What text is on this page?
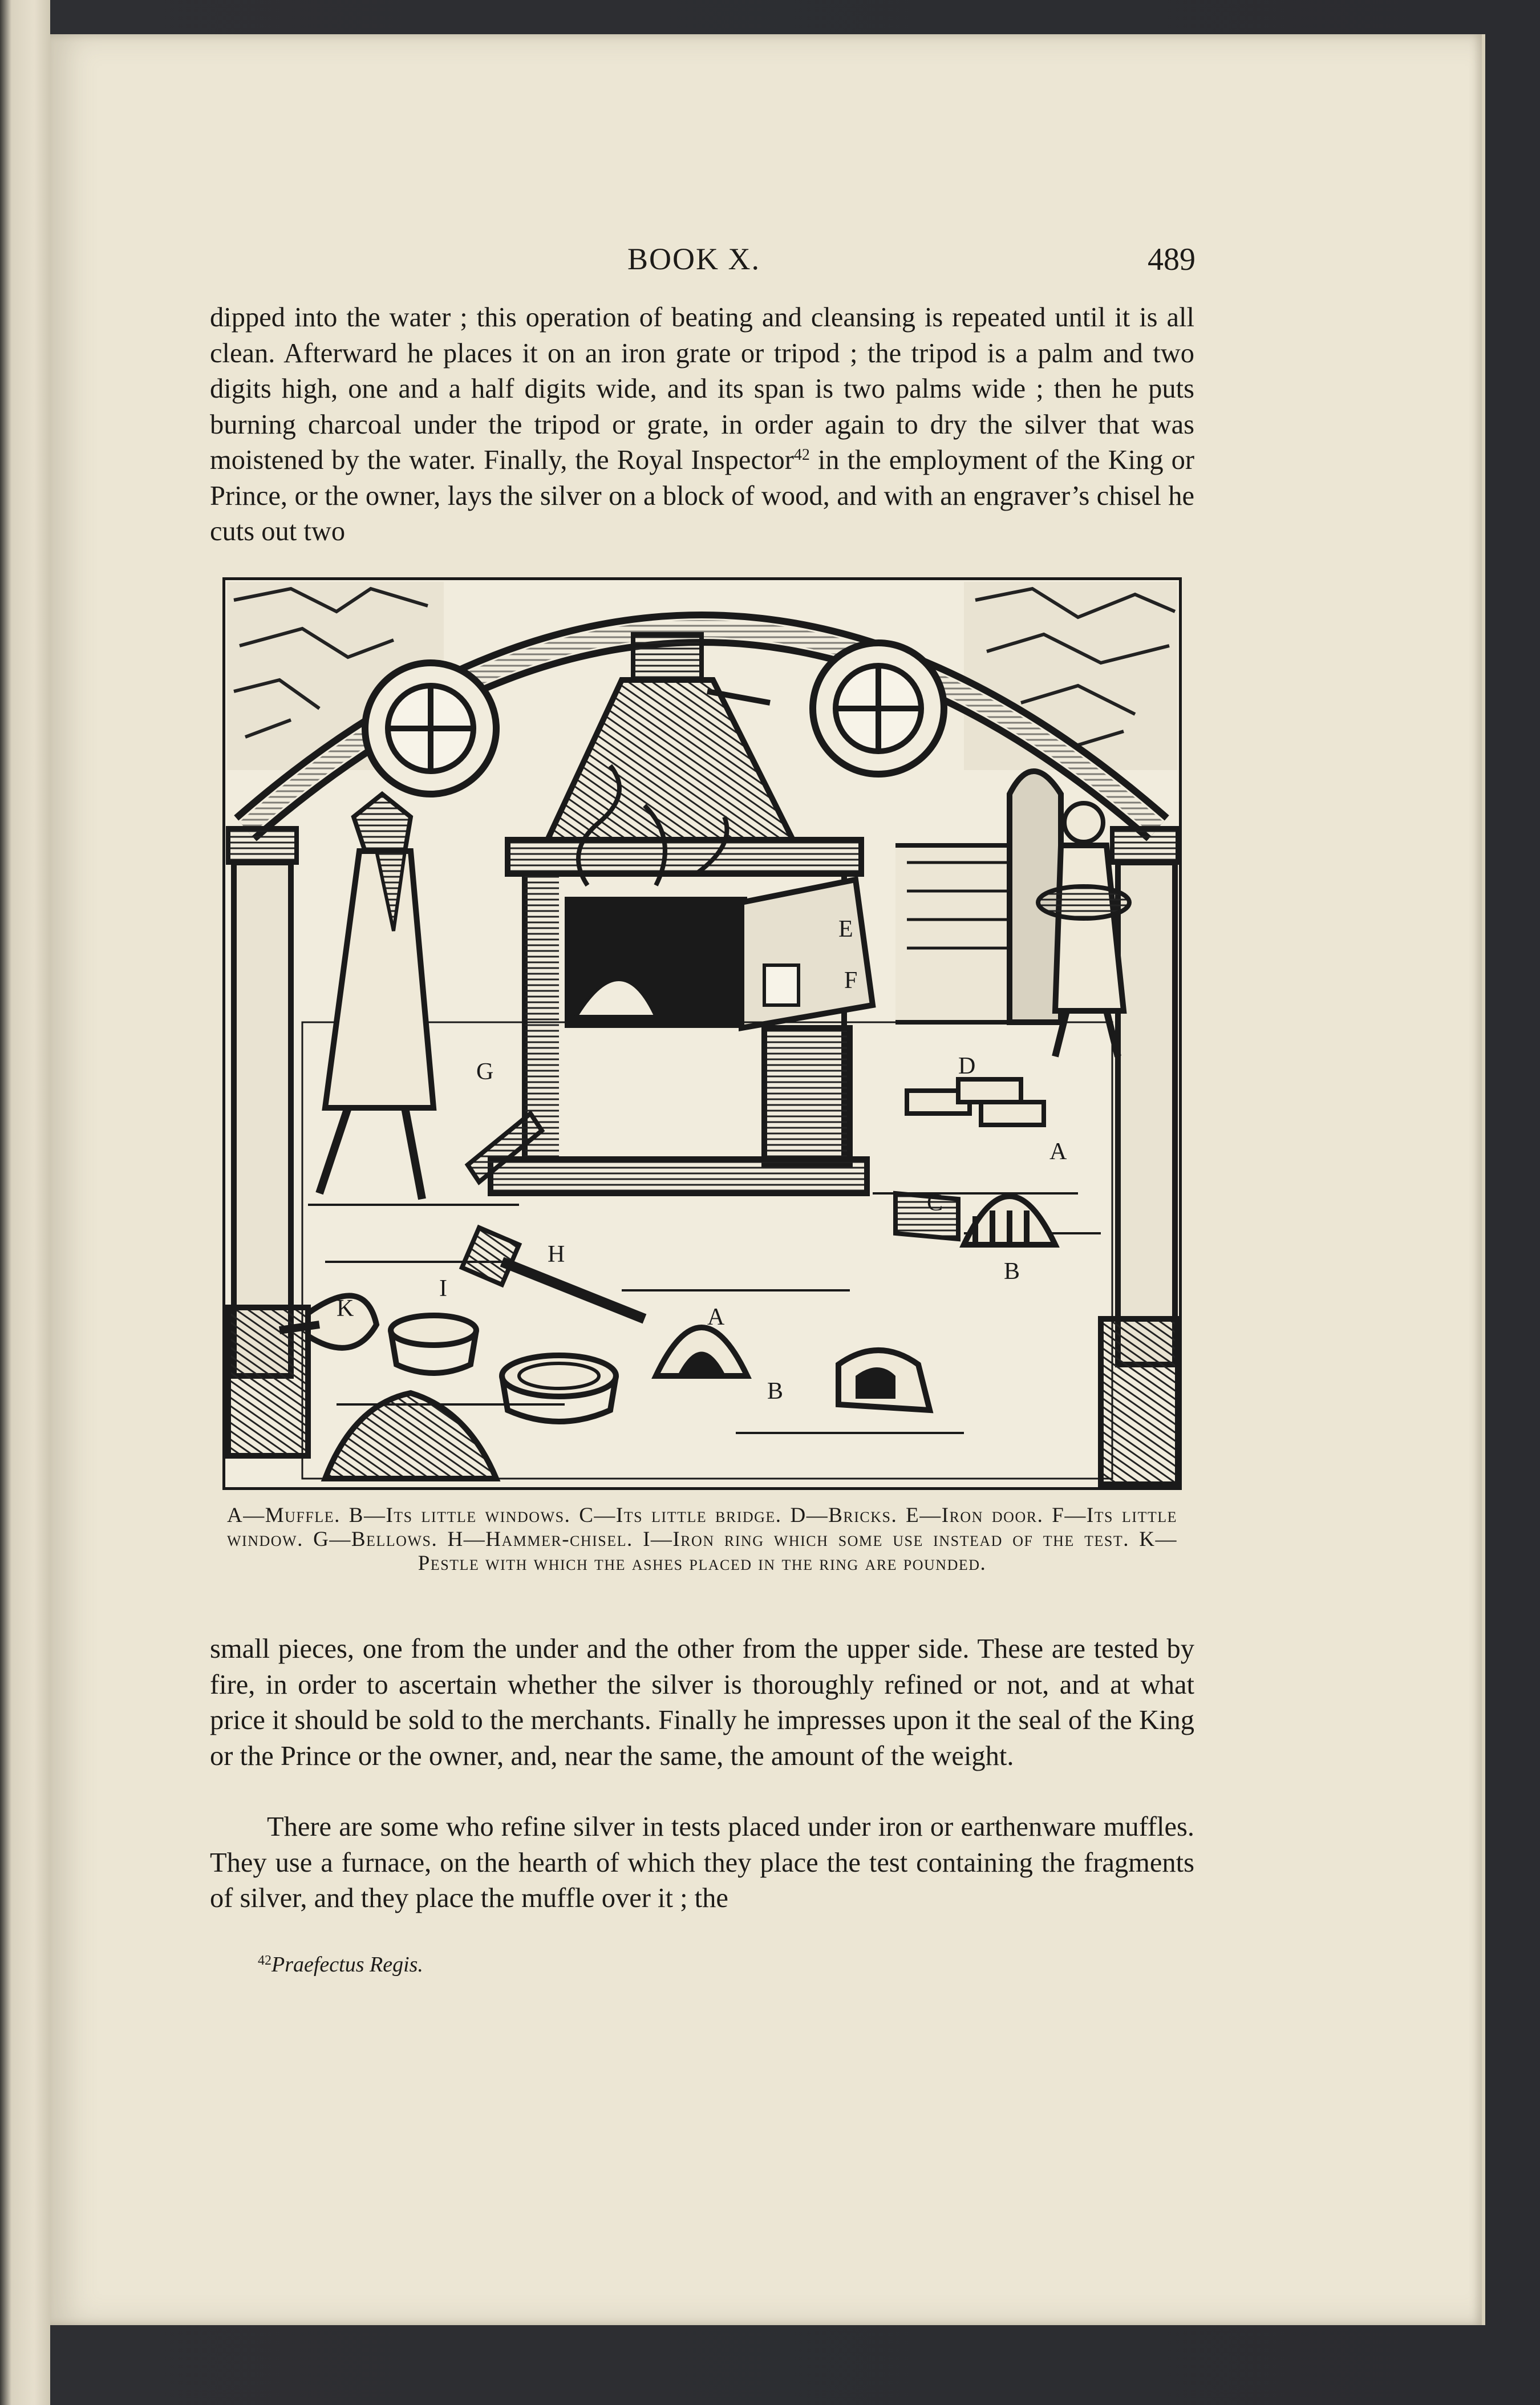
BOOK X.	489

dipped into the water ; this operation of beating and cleansing is repeated until it is all clean. Afterward he places it on an iron grate or tripod ; the tripod is a palm and two digits high, one and a half digits wide, and its span is two palms wide ; then he puts burning charcoal under the tripod or grate, in order again to dry the silver that was moistened by the water. Finally, the Royal Inspector$^{42}$ in the employment of the King or Prince, or the owner, lays the silver on a block of wood, and with an engraver’s chisel he cuts out two

E
F
G	D
A
C
B
H
I
K	A
B

A—Muffle. B—Its little windows. C—Its little bridge. D—Bricks. E—Iron door. F—Its little window. G—Bellows. H—Hammer-chisel. I—Iron ring which some use instead of the test. K—Pestle with which the ashes placed in the ring are pounded.

small pieces, one from the under and the other from the upper side. These are tested by fire, in order to ascertain whether the silver is thoroughly refined or not, and at what price it should be sold to the merchants. Finally he impresses upon it the seal of the King or the Prince or the owner, and, near the same, the amount of the weight.

There are some who refine silver in tests placed under iron or earthenware muffles. They use a furnace, on the hearth of which they place the test containing the fragments of silver, and they place the muffle over it ; the

$^{42}$Praefectus Regis.
